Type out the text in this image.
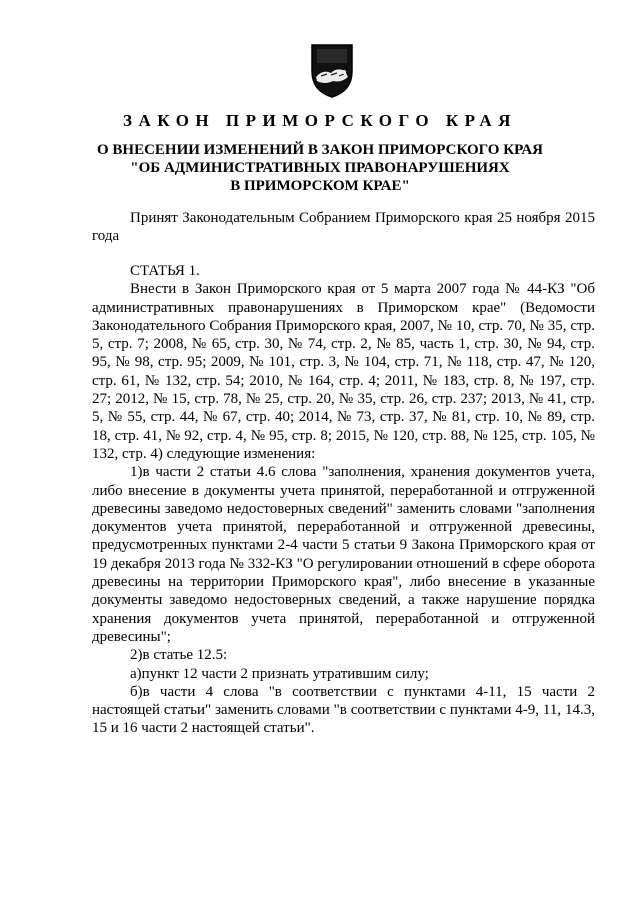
ЗАКОН ПРИМОРСКОГО КРАЯ
О ВНЕСЕНИИ ИЗМЕНЕНИЙ В ЗАКОН ПРИМОРСКОГО КРАЯ
"ОБ АДМИНИСТРАТИВНЫХ ПРАВОНАРУШЕНИЯХ
В ПРИМОРСКОМ КРАЕ"

Принят Законодательным Собранием Приморского края 25 ноября 2015 года

СТАТЬЯ 1.

Внести в Закон Приморского края от 5 марта 2007 года № 44-КЗ "Об административных правонарушениях в Приморском крае" (Ведомости Законодательного Собрания Приморского края, 2007, № 10, стр. 70, № 35, стр. 5, стр. 7; 2008, № 65, стр. 30, № 74, стр. 2, № 85, часть 1, стр. 30, № 94, стр. 95, № 98, стр. 95; 2009, № 101, стр. 3, № 104, стр. 71, № 118, стр. 47, № 120, стр. 61, № 132, стр. 54; 2010, № 164, стр. 4; 2011, № 183, стр. 8, № 197, стр. 27; 2012, № 15, стр. 78, № 25, стр. 20, № 35, стр. 26, стр. 237; 2013, № 41, стр. 5, № 55, стр. 44, № 67, стр. 40; 2014, № 73, стр. 37, № 81, стр. 10, № 89, стр. 18, стр. 41, № 92, стр. 4, № 95, стр. 8; 2015, № 120, стр. 88, № 125, стр. 105, № 132, стр. 4) следующие изменения:

1)в части 2 статьи 4.6 слова "заполнения, хранения документов учета, либо внесение в документы учета принятой, переработанной и отгруженной древесины заведомо недостоверных сведений" заменить словами "заполнения документов учета принятой, переработанной и отгруженной древесины, предусмотренных пунктами 2-4 части 5 статьи 9 Закона Приморского края от 19 декабря 2013 года № 332-КЗ "О регулировании отношений в сфере оборота древесины на территории Приморского края", либо внесение в указанные документы заведомо недостоверных сведений, а также нарушение порядка хранения документов учета принятой, переработанной и отгруженной древесины";

2)в статье 12.5:

а)пункт 12 части 2 признать утратившим силу;

б)в части 4 слова "в соответствии с пунктами 4-11, 15 части 2 настоящей статьи" заменить словами "в соответствии с пунктами 4-9, 11, 14.3, 15 и 16 части 2 настоящей статьи".
